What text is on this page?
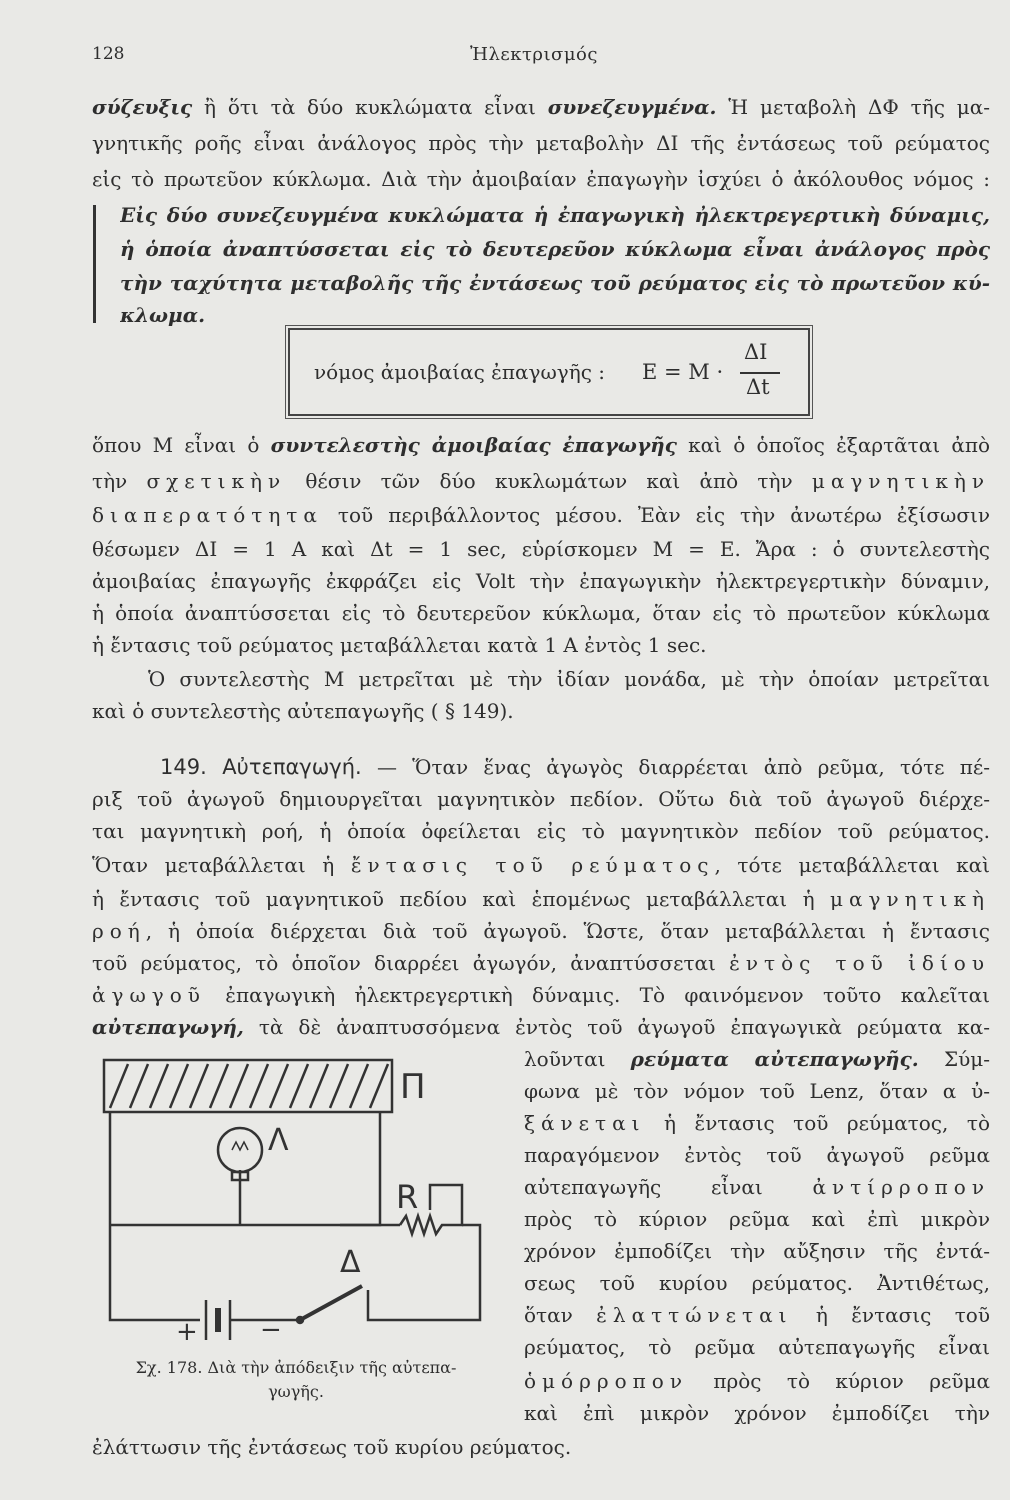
128	Ἠλεκτρισμός
σύζευξις ἢ ὅτι τὰ δύο κυκλώματα εἶναι συνεζευγμένα. Ἡ μεταβολὴ ΔΦ τῆς μα-
γνητικῆς ροῆς εἶναι ἀνάλογος πρὸς τὴν μεταβολὴν ΔΙ τῆς ἐντάσεως τοῦ ρεύματος
εἰς τὸ πρωτεῦον κύκλωμα. Διὰ τὴν ἀμοιβαίαν ἐπαγωγὴν ἰσχύει ὁ ἀκόλουθος νόμος :
Εἰς δύο συνεζευγμένα κυκλώματα ἡ ἐπαγωγικὴ ἠλεκτρεγερτικὴ δύναμις,
ἡ ὁποία ἀναπτύσσεται εἰς τὸ δευτερεῦον κύκλωμα εἶναι ἀνάλογος πρὸς
τὴν ταχύτητα μεταβολῆς τῆς ἐντάσεως τοῦ ρεύματος εἰς τὸ πρωτεῦον κύ-
κλωμα.
νόμος ἀμοιβαίας ἐπαγωγῆς : E = M ·
ΔΙ
Δt
ὅπου Μ εἶναι ὁ συντελεστὴς ἀμοιβαίας ἐπαγωγῆς καὶ ὁ ὁποῖος ἐξαρτᾶται ἀπὸ
τὴν σχετικὴν θέσιν τῶν δύο κυκλωμάτων καὶ ἀπὸ τὴν μαγνητικὴν
διαπερατότητα τοῦ περιβάλλοντος μέσου. Ἐὰν εἰς τὴν ἀνωτέρω ἐξίσωσιν
θέσωμεν ΔΙ = 1 A καὶ Δt = 1 sec, εὑρίσκομεν M = E. Ἄρα : ὁ συντελεστὴς
ἀμοιβαίας ἐπαγωγῆς ἐκφράζει εἰς Volt τὴν ἐπαγωγικὴν ἠλεκτρεγερτικὴν δύναμιν,
ἡ ὁποία ἀναπτύσσεται εἰς τὸ δευτερεῦον κύκλωμα, ὅταν εἰς τὸ πρωτεῦον κύκλωμα
ἡ ἔντασις τοῦ ρεύματος μεταβάλλεται κατὰ 1 A ἐντὸς 1 sec.
Ὁ συντελεστὴς Μ μετρεῖται μὲ τὴν ἰδίαν μονάδα, μὲ τὴν ὁποίαν μετρεῖται
καὶ ὁ συντελεστὴς αὐτεπαγωγῆς ( § 149).
149. Αὐτεπαγωγή. — Ὅταν ἕνας ἀγωγὸς διαρρέεται ἀπὸ ρεῦμα, τότε πέ-
ριξ τοῦ ἀγωγοῦ δημιουργεῖται μαγνητικὸν πεδίον. Οὕτω διὰ τοῦ ἀγωγοῦ διέρχε-
ται μαγνητικὴ ροή, ἡ ὁποία ὀφείλεται εἰς τὸ μαγνητικὸν πεδίον τοῦ ρεύματος.
Ὅταν μεταβάλλεται ἡ ἔντασις τοῦ ρεύματος, τότε μεταβάλλεται καὶ
ἡ ἔντασις τοῦ μαγνητικοῦ πεδίου καὶ ἑπομένως μεταβάλλεται ἡ μαγνητικὴ
ροή, ἡ ὁποία διέρχεται διὰ τοῦ ἀγωγοῦ. Ὥστε, ὅταν μεταβάλλεται ἡ ἔντασις
τοῦ ρεύματος, τὸ ὁποῖον διαρρέει ἀγωγόν, ἀναπτύσσεται ἐντὸς τοῦ ἰδίου
ἀγωγοῦ ἐπαγωγικὴ ἠλεκτρεγερτικὴ δύναμις. Τὸ φαινόμενον τοῦτο καλεῖται
αὐτεπαγωγή, τὰ δὲ ἀναπτυσσόμενα ἐντὸς τοῦ ἀγωγοῦ ἐπαγωγικὰ ρεύματα κα-
λοῦνται ρεύματα αὐτεπαγωγῆς. Σύμ-
φωνα μὲ τὸν νόμον τοῦ Lenz, ὅταν α ὐ-
ξάνεται ἡ ἔντασις τοῦ ρεύματος, τὸ
παραγόμενον ἐντὸς τοῦ ἀγωγοῦ ρεῦμα
αὐτεπαγωγῆς εἶναι ἀντίρροπον
πρὸς τὸ κύριον ρεῦμα καὶ ἐπὶ μικρὸν
χρόνον ἐμποδίζει τὴν αὔξησιν τῆς ἐντά-
σεως τοῦ κυρίου ρεύματος. Ἀντιθέτως,
ὅταν ἐλαττώνεται ἡ ἔντασις τοῦ
ρεύματος, τὸ ρεῦμα αὐτεπαγωγῆς εἶναι
ὁμόρροπον πρὸς τὸ κύριον ρεῦμα
καὶ ἐπὶ μικρὸν χρόνον ἐμποδίζει τὴν
ἐλάττωσιν τῆς ἐντάσεως τοῦ κυρίου ρεύματος.
Π
Λ
R
Δ
+ −
Σχ. 178. Διὰ τὴν ἀπόδειξιν τῆς αὐτεπα-
γωγῆς.
